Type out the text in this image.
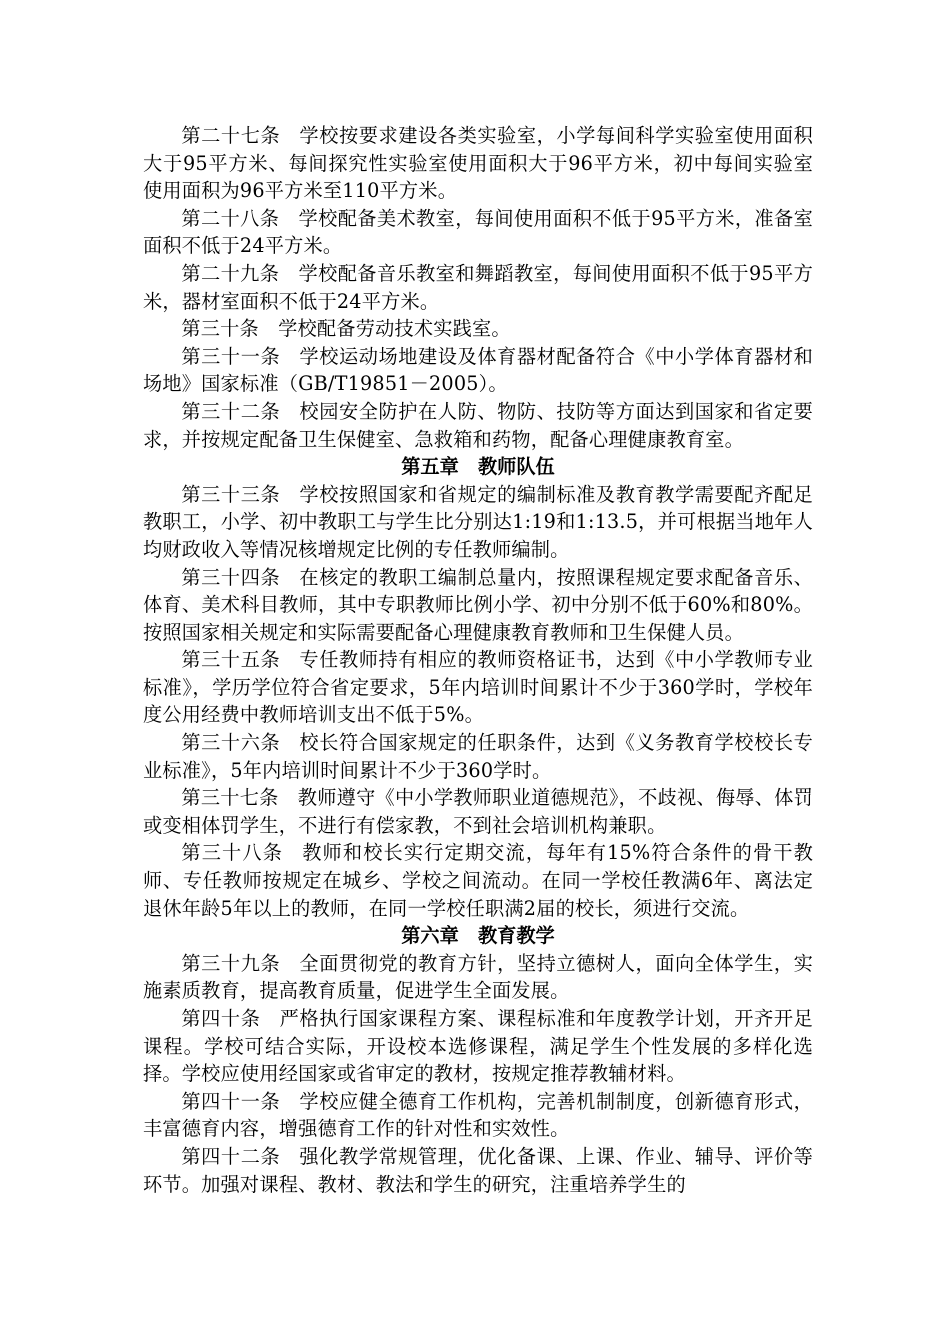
第二十七条 学校按要求建设各类实验室，小学每间科学实验室使用面积大于95平方米、每间探究性实验室使用面积大于96平方米，初中每间实验室使用面积为96平方米至110平方米。

第二十八条 学校配备美术教室，每间使用面积不低于95平方米，准备室面积不低于24平方米。

第二十九条 学校配备音乐教室和舞蹈教室，每间使用面积不低于95平方米，器材室面积不低于24平方米。

第三十条 学校配备劳动技术实践室。

第三十一条 学校运动场地建设及体育器材配备符合《中小学体育器材和场地》国家标准（GB/T19851－2005）。

第三十二条 校园安全防护在人防、物防、技防等方面达到国家和省定要求，并按规定配备卫生保健室、急救箱和药物，配备心理健康教育室。

第五章　教师队伍

第三十三条 学校按照国家和省规定的编制标准及教育教学需要配齐配足教职工，小学、初中教职工与学生比分别达1:19和1:13.5，并可根据当地年人均财政收入等情况核增规定比例的专任教师编制。

第三十四条 在核定的教职工编制总量内，按照课程规定要求配备音乐、体育、美术科目教师，其中专职教师比例小学、初中分别不低于60%和80%。按照国家相关规定和实际需要配备心理健康教育教师和卫生保健人员。

第三十五条 专任教师持有相应的教师资格证书，达到《中小学教师专业标准》，学历学位符合省定要求，5年内培训时间累计不少于360学时，学校年度公用经费中教师培训支出不低于5%。

第三十六条 校长符合国家规定的任职条件，达到《义务教育学校校长专业标准》，5年内培训时间累计不少于360学时。

第三十七条 教师遵守《中小学教师职业道德规范》，不歧视、侮辱、体罚或变相体罚学生，不进行有偿家教，不到社会培训机构兼职。

第三十八条 教师和校长实行定期交流，每年有15%符合条件的骨干教师、专任教师按规定在城乡、学校之间流动。在同一学校任教满6年、离法定退休年龄5年以上的教师，在同一学校任职满2届的校长，须进行交流。

第六章　教育教学

第三十九条 全面贯彻党的教育方针，坚持立德树人，面向全体学生，实施素质教育，提高教育质量，促进学生全面发展。

第四十条 严格执行国家课程方案、课程标准和年度教学计划，开齐开足课程。学校可结合实际，开设校本选修课程，满足学生个性发展的多样化选择。学校应使用经国家或省审定的教材，按规定推荐教辅材料。

第四十一条 学校应健全德育工作机构，完善机制制度，创新德育形式，丰富德育内容，增强德育工作的针对性和实效性。

第四十二条 强化教学常规管理，优化备课、上课、作业、辅导、评价等环节。加强对课程、教材、教法和学生的研究，注重培养学生的
